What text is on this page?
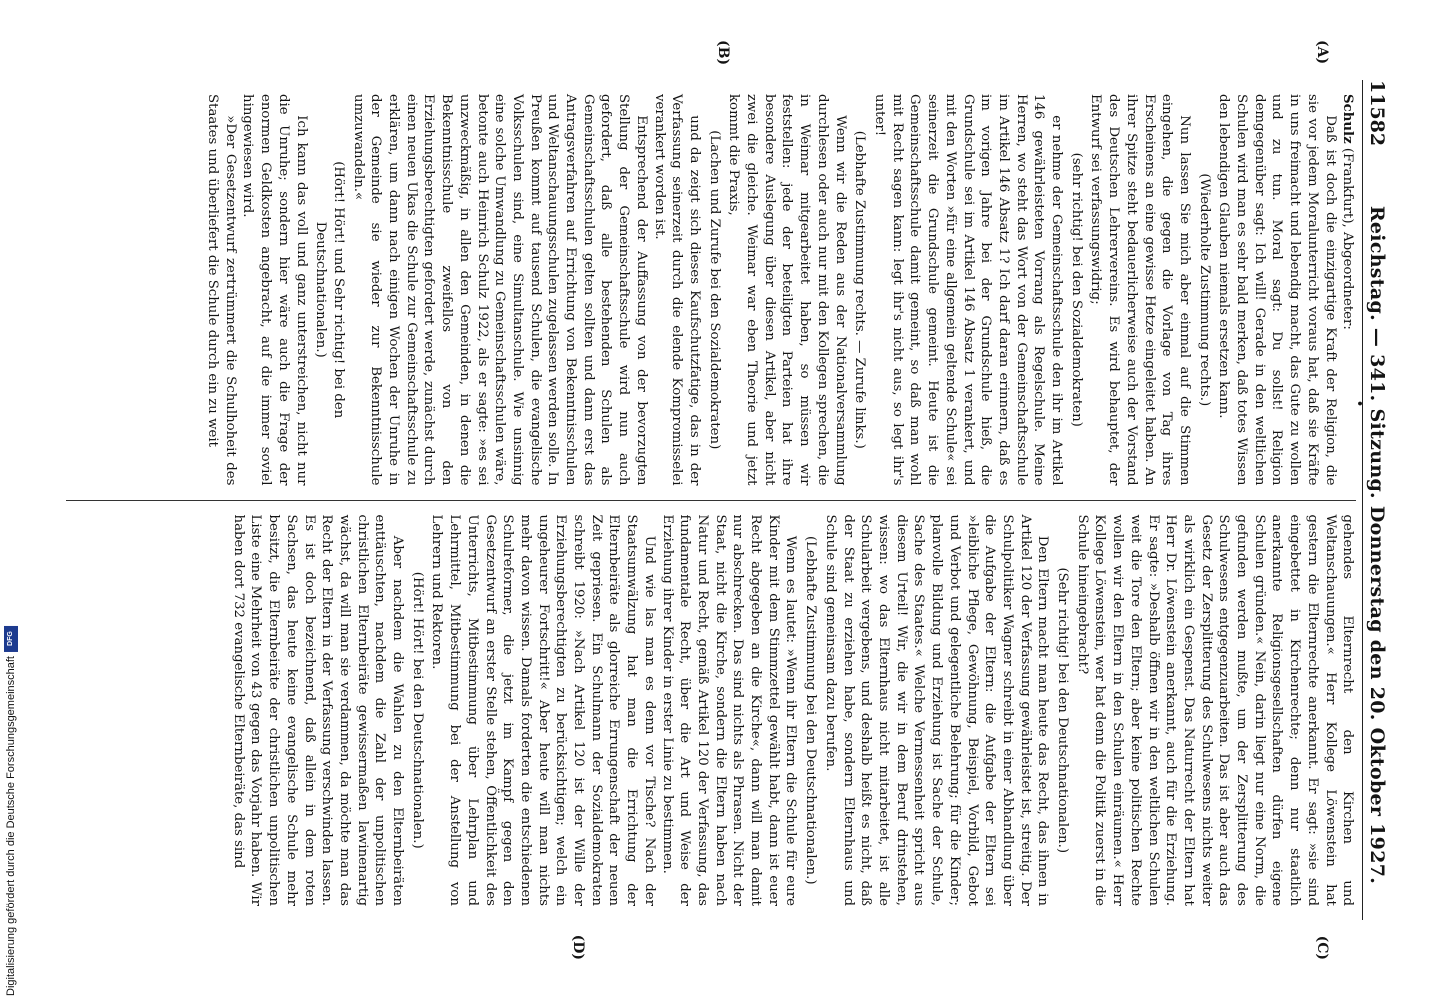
11582
Reichstag. — 341. Sitzung. Donnerstag den 20. Oktober 1927.
(A)
(B)
•

Schulz (Frankfurt), Abgeordneter:

Daß ist doch die einzigartige Kraft der Religion, die sie vor jedem Moralunterricht voraus hat, daß sie Kräfte in uns freimacht und lebendig macht, das Gute zu wollen und zu tun. Moral sagt: Du sollst! Religion demgegenüber sagt: Ich will! Gerade in den weltlichen Schulen wird man es sehr bald merken, daß totes Wissen den lebendigen Glauben niemals ersetzen kann.

(Wiederholte Zustimmung rechts.)

Nun lassen Sie mich aber einmal auf die Stimmen eingehen, die gegen die Vorlage von Tag ihres Erscheinens an eine gewisse Hetze eingeleitet haben. An ihrer Spitze steht bedauerlicherweise auch der Vorstand des Deutschen Lehrervereins. Es wird behauptet, der Entwurf sei verfassungswidrig;

(sehr richtig! bei den Sozialdemokraten)

er nehme der Gemeinschaftsschule den ihr im Artikel 146 gewährleisteten Vorrang als Regelschule. Meine Herren, wo steht das Wort von der Gemeinschaftsschule im Artikel 146 Absatz 1? Ich darf daran erinnern, daß es im vorigen Jahre bei der Grundschule hieß, die Grundschule sei im Artikel 146 Absatz 1 verankert, und mit den Worten »für eine allgemein geltende Schule« sei seinerzeit die Grundschule gemeint. Heute ist die Gemeinschaftsschule damit gemeint, so daß man wohl mit Recht sagen kann: legt ihr's nicht aus, so legt ihr's unter!

(Lebhafte Zustimmung rechts. — Zurufe links.)

Wenn wir die Reden aus der Nationalversammlung durchlesen oder auch nur mit den Kollegen sprechen, die in Weimar mitgearbeitet haben, so müssen wir feststellen: jede der beteiligten Parteien hat ihre besondere Auslegung über diesen Artikel, aber nicht zwei die gleiche. Weimar war eben Theorie und jetzt kommt die Praxis,

(Lachen und Zurufe bei den Sozialdemokraten)

und da zeigt sich dieses Kaufschutzfatige, das in der Verfassung seinerzeit durch die elende Kompromisselei verankert worden ist.

Entsprechend der Auffassung von der bevorzugten Stellung der Gemeinschaftsschule wird nun auch gefordert, daß alle bestehenden Schulen als Gemeinschaftsschulen gelten sollten und dann erst das Antragsverfahren auf Errichtung von Bekenntnisschulen und Weltanschauungsschulen zugelassen werden solle. In Preußen kommt auf tausend Schulen, die evangelische Volksschulen sind, eine Simultanschule. Wie unsinnig eine solche Umwandlung zu Gemeinschaftsschulen wäre, betonte auch Heinrich Schulz 1922, als er sagte: »es sei unzweckmäßig, in allen den Gemeinden, in denen die Bekenntnisschule zweifellos von den Erziehungsberechtigten gefordert werde, zunächst durch einen neuen Ukas die Schule zur Gemeinschaftsschule zu erklären, um dann nach einigen Wochen der Unruhe in der Gemeinde sie wieder zur Bekenntnisschule umzuwandeln.«

(Hört! Hört! und Sehr richtig! bei den Deutschnationalen.)

Ich kann das voll und ganz unterstreichen, nicht nur die Unruhe; sondern hier wäre auch die Frage der enormen Geldkosten angebracht, auf die immer soviel hingewiesen wird.

»Der Gesetzentwurf zertrümmert die Schulhoheit des Staates und überliefert die Schule durch ein zu weit

(C)
(D)

gehendes Elternrecht den Kirchen und Weltanschauungen.« Herr Kollege Löwenstein hat gestern die Elternrechte anerkannt. Er sagt: »sie sind eingebettet in Kirchenrechte; denn nur staatlich anerkannte Religionsgesellschaften dürfen eigene Schulen gründen.« Nein, darin liegt nur eine Norm, die gefunden werden mußte, um der Zersplitterung des Schulwesens entgegenzuarbeiten. Das ist aber auch das Gesetz der Zersplitterung des Schulwesens nichts weiter als wirklich ein Gespenst. Das Naturrecht der Eltern hat Herr Dr. Löwenstein anerkannt, auch für die Erziehung. Er sagte: »Deshalb öffnen wir in den weltlichen Schulen weit die Tore den Eltern; aber keine politischen Rechte wollen wir den Eltern in den Schulen einräumen.« Herr Kollege Löwenstein, wer hat denn die Politik zuerst in die Schule hineingebracht?

(Sehr richtig! bei den Deutschnationalen.)

Den Eltern macht man heute das Recht, das ihnen in Artikel 120 der Verfassung gewährleistet ist, streitig. Der Schulpolitiker Wagner schreibt in einer Abhandlung über die Aufgabe der Eltern: die Aufgabe der Eltern sei »leibliche Pflege, Gewöhnung, Beispiel, Vorbild, Gebot und Verbot und gelegentliche Belehrung; für die Kinder; planvolle Bildung und Erziehung ist Sache der Schule, Sache des Staates.« Welche Vermessenheit spricht aus diesem Urteil! Wir, die wir in dem Beruf drinstehen, wissen: wo das Elternhaus nicht mitarbeitet, ist alle Schularbeit vergebens, und deshalb heißt es nicht, daß der Staat zu erziehen habe, sondern Elternhaus und Schule sind gemeinsam dazu berufen.

(Lebhafte Zustimmung bei den Deutschnationalen.)

Wenn es lautet: »Wenn ihr Eltern die Schule für eure Kinder mit dem Stimmzettel gewählt habt, dann ist euer Recht abgegeben an die Kirche«, dann will man damit nur abschrecken. Das sind nichts als Phrasen. Nicht der Staat, nicht die Kirche, sondern die Eltern haben nach Natur und Recht, gemäß Artikel 120 der Verfassung, das fundamentale Recht, über die Art und Weise der Erziehung ihrer Kinder in erster Linie zu bestimmen.

Und wie las man es denn vor Tische? Nach der Staatsumwälzung hat man die Errichtung der Elternbeiräte als glorreiche Errungenschaft der neuen Zeit gepriesen. Ein Schulmann der Sozialdemokraten schreibt 1920: »Nach Artikel 120 ist der Wille der Erziehungsberechtigten zu berücksichtigen; welch ein ungeheurer Fortschritt!« Aber heute will man nichts mehr davon wissen. Damals forderten die entschiedenen Schulreformer, die jetzt im Kampf gegen den Gesetzentwurf an erster Stelle stehen, Öffentlichkeit des Unterrichts, Mitbestimmung über Lehrplan und Lehrmittel, Mitbestimmung bei der Anstellung von Lehrern und Rektoren.

(Hört! Hört! bei den Deutschnationalen.)

Aber nachdem die Wahlen zu den Elternbeiräten enttäuschten, nachdem die Zahl der unpolitischen christlichen Elternbeiräte gewissermaßen lawinenartig wächst, da will man sie verdammen, da möchte man das Recht der Eltern in der Verfassung verschwinden lassen. Es ist doch bezeichnend, daß allein in dem roten Sachsen, das heute keine evangelische Schule mehr besitzt, die Elternbeiräte der christlichen unpolitischen Liste eine Mehrheit von 43 gegen das Vorjahr haben. Wir haben dort 732 evangelische Elternbeiräte, das sind

Digitalisierung gefördert durch die Deutsche Forschungsgemeinschaft
DFG
